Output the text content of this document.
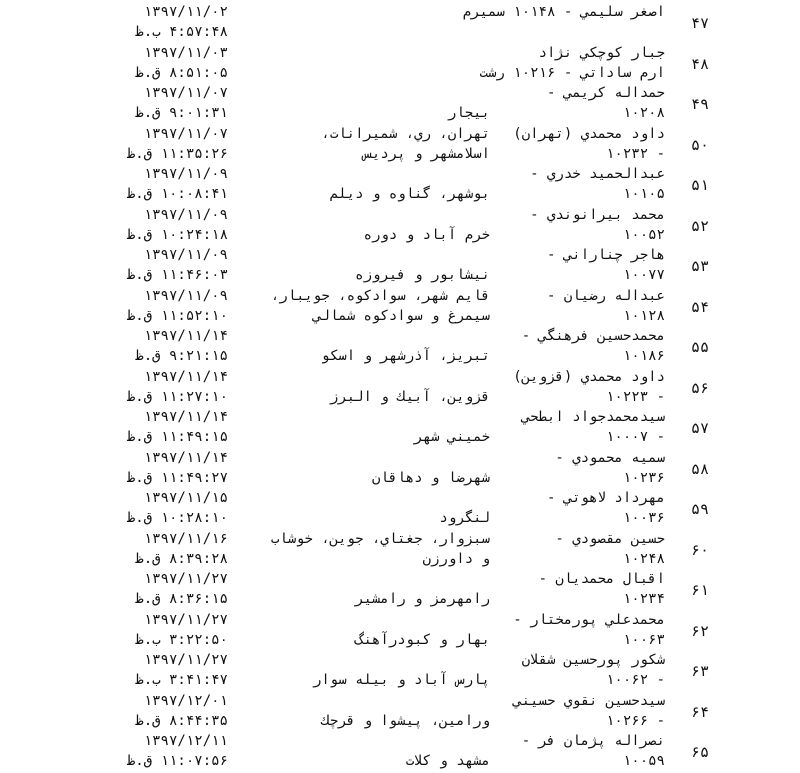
۴۷
اصغر سليمي - ۱۰۱۴۸ سميرم
۱۳۹۷/۱۱/۰۲
۴:۵۷:۴۸ ب.ظ
۴۸
جبار كوچكي نژاد
ارم ساداتي - ۱۰۲۱۶ رشت
۱۳۹۷/۱۱/۰۳
۸:۵۱:۰۵ ق.ظ
۴۹
حمداله كريمي -
۱۰۲۰۸
بيجار
۱۳۹۷/۱۱/۰۷
۹:۰۱:۳۱ ق.ظ
۵۰
داود محمدي (تهران)
- ۱۰۲۳۲
تهران، ري، شميرانات،
اسلامشهر و پرديس
۱۳۹۷/۱۱/۰۷
۱۱:۳۵:۲۶ ق.ظ
۵۱
عبدالحميد خدري -
۱۰۱۰۵
بوشهر، گناوه و ديلم
۱۳۹۷/۱۱/۰۹
۱۰:۰۸:۴۱ ق.ظ
۵۲
محمد بيرانوندي -
۱۰۰۵۲
خرم آباد و دوره
۱۳۹۷/۱۱/۰۹
۱۰:۲۴:۱۸ ق.ظ
۵۳
هاجر چناراني -
۱۰۰۷۷
نيشابور و فيروزه
۱۳۹۷/۱۱/۰۹
۱۱:۴۶:۰۳ ق.ظ
۵۴
عبداله رضيان -
۱۰۱۲۸
قايم شهر، سوادكوه، جويبار،
سيمرغ و سوادكوه شمالي
۱۳۹۷/۱۱/۰۹
۱۱:۵۲:۱۰ ق.ظ
۵۵
محمدحسين فرهنگي -
۱۰۱۸۶
تبريز، آذرشهر و اسكو
۱۳۹۷/۱۱/۱۴
۹:۲۱:۱۵ ق.ظ
۵۶
داود محمدي (قزوين)
- ۱۰۲۲۳
قزوين، آبيك و البرز
۱۳۹۷/۱۱/۱۴
۱۱:۲۷:۱۰ ق.ظ
۵۷
سيدمحمدجواد ابطحي
- ۱۰۰۰۷
خميني شهر
۱۳۹۷/۱۱/۱۴
۱۱:۴۹:۱۵ ق.ظ
۵۸
سميه محمودي -
۱۰۲۳۶
شهرضا و دهاقان
۱۳۹۷/۱۱/۱۴
۱۱:۴۹:۲۷ ق.ظ
۵۹
مهرداد لاهوتي -
۱۰۰۳۶
لنگرود
۱۳۹۷/۱۱/۱۵
۱۰:۲۸:۱۰ ق.ظ
۶۰
حسين مقصودي -
۱۰۲۴۸
سبزوار، جغتاي، جوين، خوشاب
و داورزن
۱۳۹۷/۱۱/۱۶
۸:۳۹:۲۸ ق.ظ
۶۱
اقبال محمديان -
۱۰۲۳۴
رامهرمز و رامشير
۱۳۹۷/۱۱/۲۷
۸:۳۶:۱۵ ق.ظ
۶۲
محمدعلي پورمختار -
۱۰۰۶۳
بهار و كبودرآهنگ
۱۳۹۷/۱۱/۲۷
۳:۲۲:۵۰ ب.ظ
۶۳
شكور پورحسين شقلان
- ۱۰۰۶۲
پارس آباد و بيله سوار
۱۳۹۷/۱۱/۲۷
۳:۴۱:۴۷ ب.ظ
۶۴
سيدحسين نقوي حسيني
- ۱۰۲۶۶
ورامين، پيشوا و قرچك
۱۳۹۷/۱۲/۰۱
۸:۴۴:۳۵ ق.ظ
۶۵
نصراله پژمان فر -
۱۰۰۵۹
مشهد و كلات
۱۳۹۷/۱۲/۱۱
۱۱:۰۷:۵۶ ق.ظ
